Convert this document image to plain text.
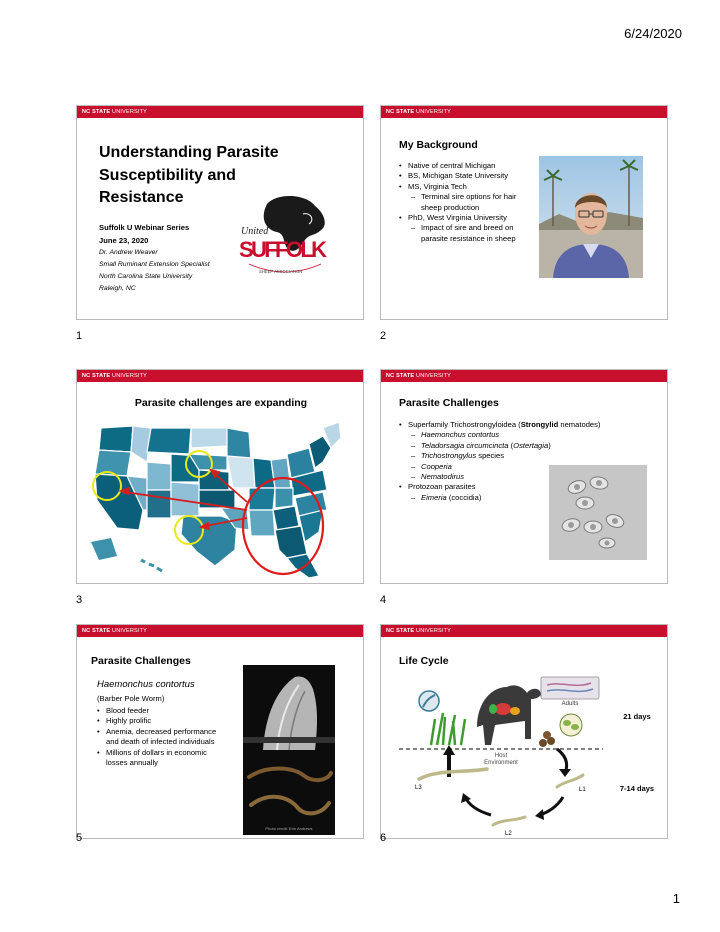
6/24/2020
NC STATE UNIVERSITY
Understanding Parasite
Susceptibility and
Resistance
Suffolk U Webinar Series
June 23, 2020
Dr. Andrew Weaver
Small Ruminant Extension Specialist
North Carolina State University
Raleigh, NC
United
SUFFOLK
SHEEP ASSOCIATION
1
NC STATE UNIVERSITY
My Background
• Native of central Michigan
• BS, Michigan State University
• MS, Virginia Tech
– Terminal sire options for hair
sheep production
• PhD, West Virginia University
– Impact of sire and breed on
parasite resistance in sheep
2
NC STATE UNIVERSITY
Parasite challenges are expanding
3
NC STATE UNIVERSITY
Parasite Challenges
• Superfamily Trichostrongyloidea (Strongylid nematodes)
– Haemonchus contortus
– Teladorsagia circumcincta (Ostertagia)
– Trichostrongylus species
– Cooperia
– Nematodirus
• Protozoan parasites
– Eimeria (coccidia)
4
NC STATE UNIVERSITY
Parasite Challenges
Haemonchus contortus
(Barber Pole Worm)
• Blood feeder
• Highly prolific
• Anemia, decreased performance
and death of infected individuals
• Millions of dollars in economic
losses annually
Photo credit: Erin Andrews
5
NC STATE UNIVERSITY
Life Cycle
Adults
21 days
Host
Environment
L1
L3
L2
7-14 days
6
1
